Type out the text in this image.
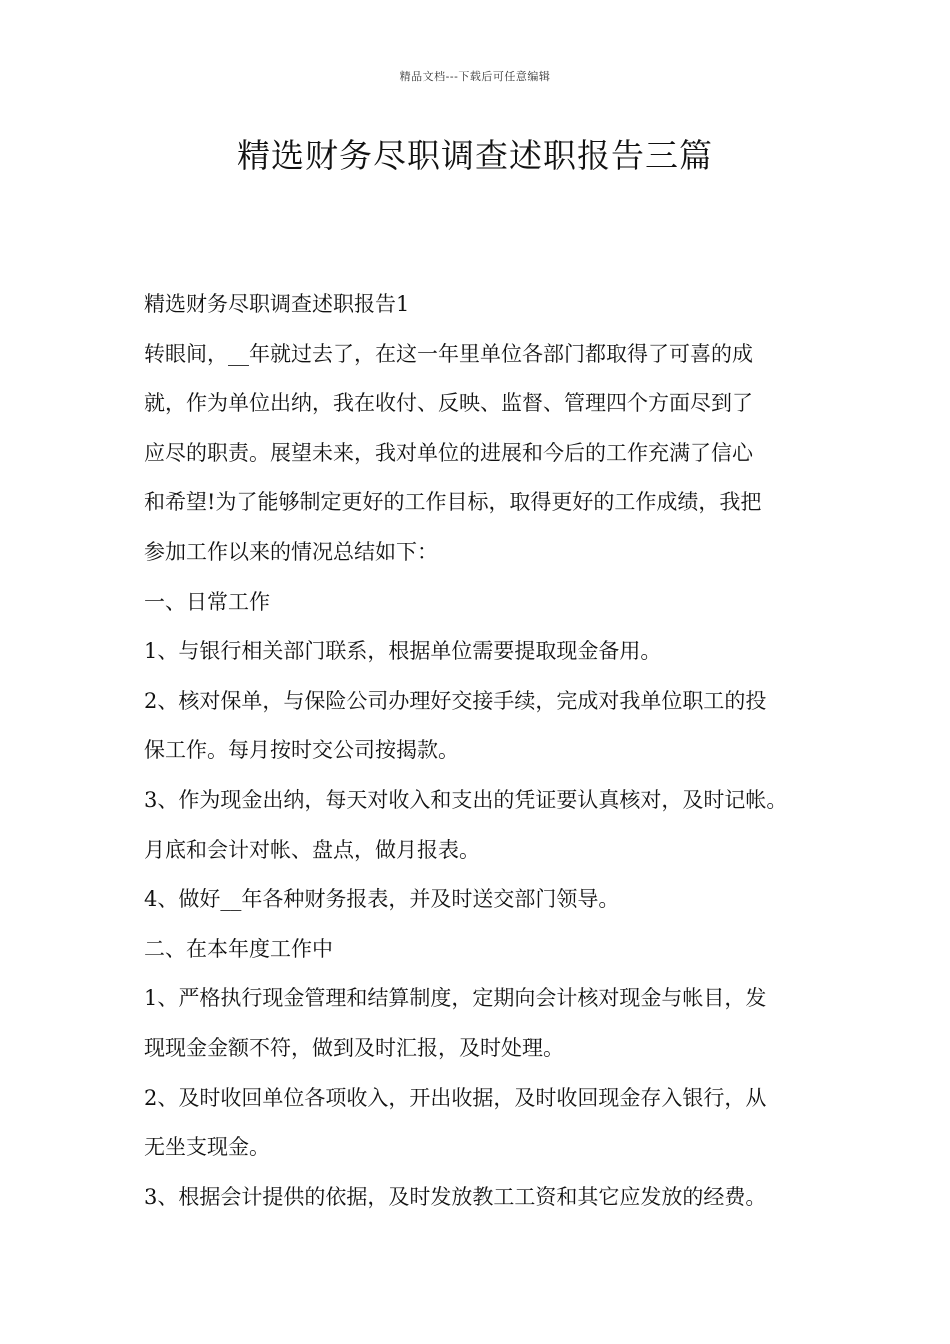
精品文档---下载后可任意编辑
精选财务尽职调查述职报告三篇

精选财务尽职调查述职报告1

转眼间，__年就过去了，在这一年里单位各部门都取得了可喜的成

就，作为单位出纳，我在收付、反映、监督、管理四个方面尽到了

应尽的职责。展望未来，我对单位的进展和今后的工作充满了信心

和希望!为了能够制定更好的工作目标，取得更好的工作成绩，我把

参加工作以来的情况总结如下：

一、日常工作

1、与银行相关部门联系，根据单位需要提取现金备用。

2、核对保单，与保险公司办理好交接手续，完成对我单位职工的投

保工作。每月按时交公司按揭款。

3、作为现金出纳，每天对收入和支出的凭证要认真核对，及时记帐。

月底和会计对帐、盘点，做月报表。

4、做好__年各种财务报表，并及时送交部门领导。

二、在本年度工作中

1、严格执行现金管理和结算制度，定期向会计核对现金与帐目，发

现现金金额不符，做到及时汇报，及时处理。

2、及时收回单位各项收入，开出收据，及时收回现金存入银行，从

无坐支现金。

3、根据会计提供的依据，及时发放教工工资和其它应发放的经费。
